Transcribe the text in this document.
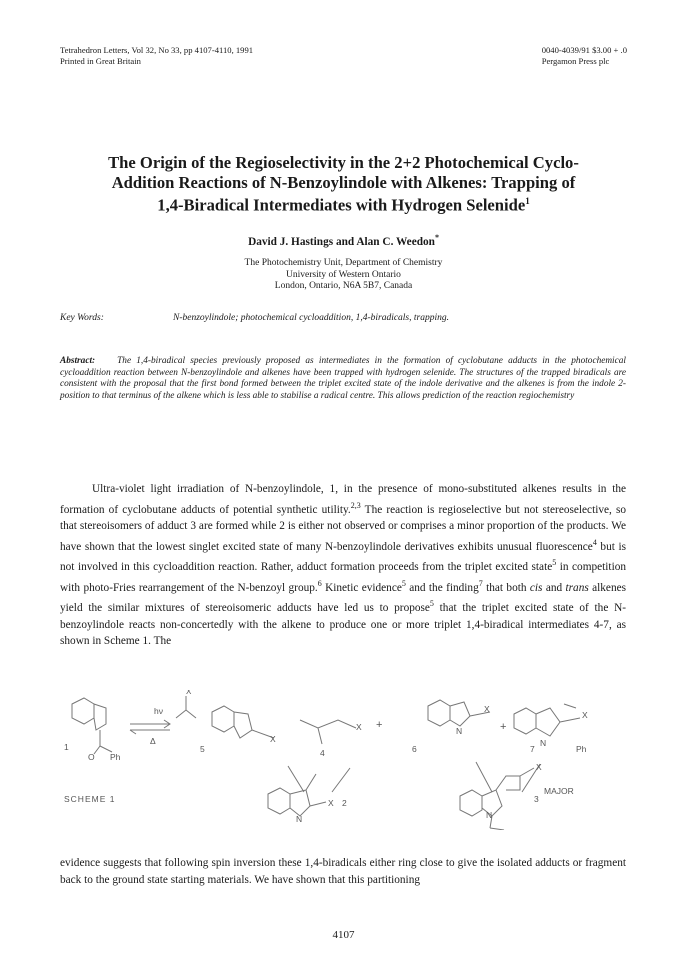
Tetrahedron Letters, Vol 32, No 33, pp 4107-4110, 1991
Printed in Great Britain
0040-4039/91 $3.00 + .0
Pergamon Press plc
The Origin of the Regioselectivity in the 2+2 Photochemical Cyclo-
Addition Reactions of N-Benzoylindole with Alkenes: Trapping of
1,4-Biradical Intermediates with Hydrogen Selenide$^1$
David J. Hastings and Alan C. Weedon*
The Photochemistry Unit, Department of Chemistry
University of Western Ontario
London, Ontario, N6A 5B7, Canada
Key Words:	N-benzoylindole; photochemical cycloaddition, 1,4-biradicals, trapping.
Abstract: The 1,4-biradical species previously proposed as intermediates in the formation of cyclobutane adducts in the photochemical cycloaddition reaction between N-benzoylindole and alkenes have been trapped with hydrogen selenide. The structures of the trapped biradicals are consistent with the proposal that the first bond formed between the triplet excited state of the indole derivative and the alkenes is from the indole 2-position to that terminus of the alkene which is less able to stabilise a radical centre. This allows prediction of the reaction regiochemistry

Ultra-violet light irradiation of N-benzoylindole, 1, in the presence of mono-substituted alkenes results in the formation of cyclobutane adducts of potential synthetic utility.$^{2,3}$ The reaction is regioselective but not stereoselective, so that stereoisomers of adduct 3 are formed while 2 is either not observed or comprises a minor proportion of the products. We have shown that the lowest singlet excited state of many N-benzoylindole derivatives exhibits unusual fluorescence$^4$ but is not involved in this cycloaddition reaction. Rather, adduct formation proceeds from the triplet excited state$^5$ in competition with photo-Fries rearrangement of the N-benzoyl group.$^6$ Kinetic evidence$^5$ and the finding$^7$ that both cis and trans alkenes yield the similar mixtures of stereoisomeric adducts have led us to propose$^5$ that the triplet excited state of the N-benzoylindole reacts non-concertedly with the alkene to produce one or more triplet 1,4-biradical intermediates 4-7, as shown in Scheme 1. The

hν
X
Δ
O Ph
1	5
X
4
X +	N
X
6
+
N
X
7	Ph
SCHEME 1
N
X 2
N
X
3
MAJOR

evidence suggests that following spin inversion these 1,4-biradicals either ring close to give the isolated adducts or fragment back to the ground state starting materials. We have shown that this partitioning

4107
